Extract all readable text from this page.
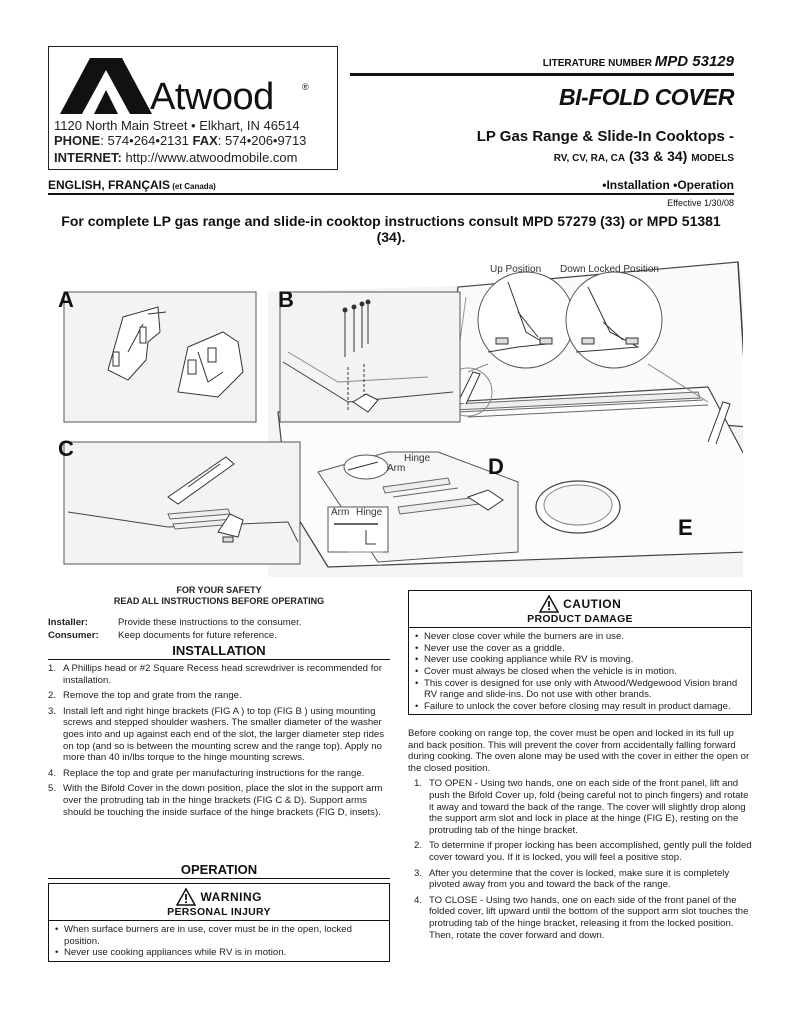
Atwood	®
1120 North Main Street • Elkhart, IN 46514
PHONE: 574•264•2131 FAX: 574•206•9713
INTERNET: http://www.atwoodmobile.com
LITERATURE NUMBER MPD 53129
BI-FOLD COVER
LP Gas Range & Slide-In Cooktops -
RV, CV, RA, CA (33 & 34) MODELS
ENGLISH, FRANÇAIS (et Canada)	•Installation •Operation
Effective 1/30/08
For complete LP gas range and slide-in cooktop instructions consult MPD 57279 (33) or MPD 51381 (34).
A	B
C
D
E
Up Position Down Locked Position
Hinge
Arm
Arm Hinge
FOR YOUR SAFETY
READ ALL INSTRUCTIONS BEFORE OPERATING
Installer:	Provide these instructions to the consumer.
Consumer: Keep documents for future reference.
INSTALLATION
1. A Phillips head or #2 Square Recess head screwdriver is recommended for installation.
2. Remove the top and grate from the range.
3. Install left and right hinge brackets (FIG A ) to top (FIG B ) using mounting screws and stepped shoulder washers. The smaller diameter of the washer goes into and up against each end of the slot, the larger diameter step rides on top (and so is between the mounting screw and the range top). Apply no more than 40 in/lbs torque to the hinge mounting screws.
4. Replace the top and grate per manufacturing instructions for the range.
5. With the Bifold Cover in the down position, place the slot in the support arm over the protruding tab in the hinge brackets (FIG C & D). Support arms should be touching the inside surface of the hinge brackets (FIG D, insets).
OPERATION
WARNING
PERSONAL INJURY
• When surface burners are in use, cover must be in the open, locked position.
• Never use cooking appliances while RV is in motion.
CAUTION
PRODUCT DAMAGE
• Never close cover while the burners are in use.
• Never use the cover as a griddle.
• Never use cooking appliance while RV is moving.
• Cover must always be closed when the vehicle is in motion.
• This cover is designed for use only with Atwood/Wedgewood Vision brand RV range and slide-ins. Do not use with other brands.
• Failure to unlock the cover before closing may result in product damage.
Before cooking on range top, the cover must be open and locked in its full up and back position. This will prevent the cover from accidentally falling forward during cooking. The oven alone may be used with the cover in either the open or the closed position.
1. TO OPEN - Using two hands, one on each side of the front panel, lift and push the Bifold Cover up, fold (being careful not to pinch fingers) and rotate it away and toward the back of the range. The cover will slightly drop along the support arm slot and lock in place at the hinge (FIG E), resting on the protruding tab of the hinge bracket.
2. To determine if proper locking has been accomplished, gently pull the folded cover toward you. If it is locked, you will feel a positive stop.
3. After you determine that the cover is locked, make sure it is completely pivoted away from you and toward the back of the range.
4. TO CLOSE - Using two hands, one on each side of the front panel of the folded cover, lift upward until the bottom of the support arm slot touches the protruding tab of the hinge bracket, releasing it from the locked position. Then, rotate the cover forward and down.
